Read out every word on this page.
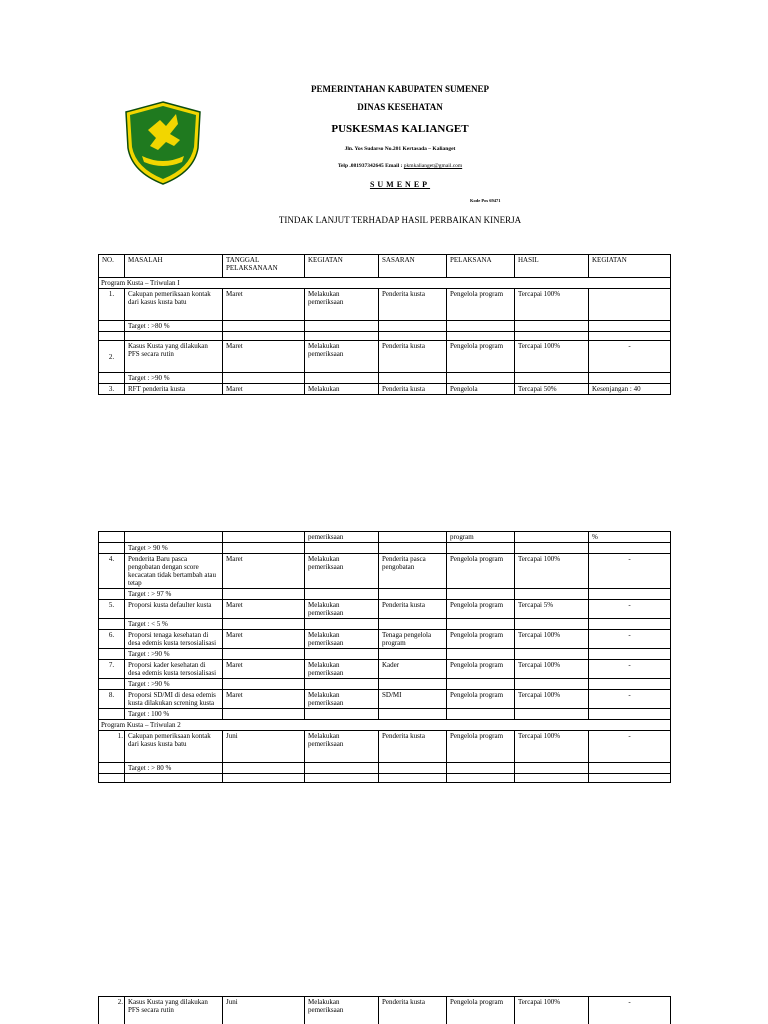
PEMERINTAHAN KABUPATEN SUMENEP
DINAS KESEHATAN
PUSKESMAS KALIANGET
Jln. Yos Sudarso No.201 Kertasada – Kalianget
Telp .081937342645 Email : pkmkalianget@gmail.com
SUMENEP
Kode Pos 69471
TINDAK LANJUT TERHADAP HASIL PERBAIKAN KINERJA
NO.	MASALAH	TANGGAL PELAKSANAAN	KEGIATAN	SASARAN	PELAKSANA	HASIL	KEGIATAN
Program Kusta – Triwulan I							
1.	Cakupan pemeriksaan kontak dari kasus kusta batu	Maret	Melakukan pemeriksaan	Penderita kusta	Pengelola program	Tercapai 100%	
	Target : >80 %						

2.	Kasus Kusta yang dilakukan PFS secara rutin	Maret	Melakukan pemeriksaan	Penderita kusta	Pengelola program	Tercapai 100%	-
	Target : >90 %						
3.	RFT penderita kusta	Maret	Melakukan	Penderita kusta	Pengelola	Tercapai 50%	Kesenjangan : 40
			pemeriksaan		program		%
	Target > 90 %						
4.	Penderita Baru pasca pengobatan dengan score kecacatan tidak bertambah atau tetap	Maret	Melakukan pemeriksaan	Penderita pasca pengobatan	Pengelola program	Tercapai 100%	-
	Target : > 97 %						
5.	Proporsi kusta defaulter kusta	Maret	Melakukan pemeriksaan	Penderita kusta	Pengelola program	Tercapai 5%	-
	Target : < 5 %						
6.	Proporsi tenaga kesehatan di desa edemis kusta tersosialisasi	Maret	Melakukan pemeriksaan	Tenaga pengelola program	Pengelola program	Tercapai 100%	-
	Target : >90 %						
7.	Proporsi kader kesehatan di desa edemis kusta tersosialisasi	Maret	Melakukan pemeriksaan	Kader	Pengelola program	Tercapai 100%	-
	Target : >90 %						
8.	Proporsi SD/MI di desa edemis kusta dilakukan screning kusta	Maret	Melakukan pemeriksaan	SD/MI	Pengelola program	Tercapai 100%	-
	Target : 100 %						
Program Kusta – Triwulan 2							
1.	Cakupan pemeriksaan kontak dari kasus kusta batu	Juni	Melakukan pemeriksaan	Penderita kusta	Pengelola program	Tercapai 100%	-
	Target : > 80 %						

2.	Kasus Kusta yang dilakukan PFS secara rutin	Juni	Melakukan pemeriksaan	Penderita kusta	Pengelola program	Tercapai 100%	-
